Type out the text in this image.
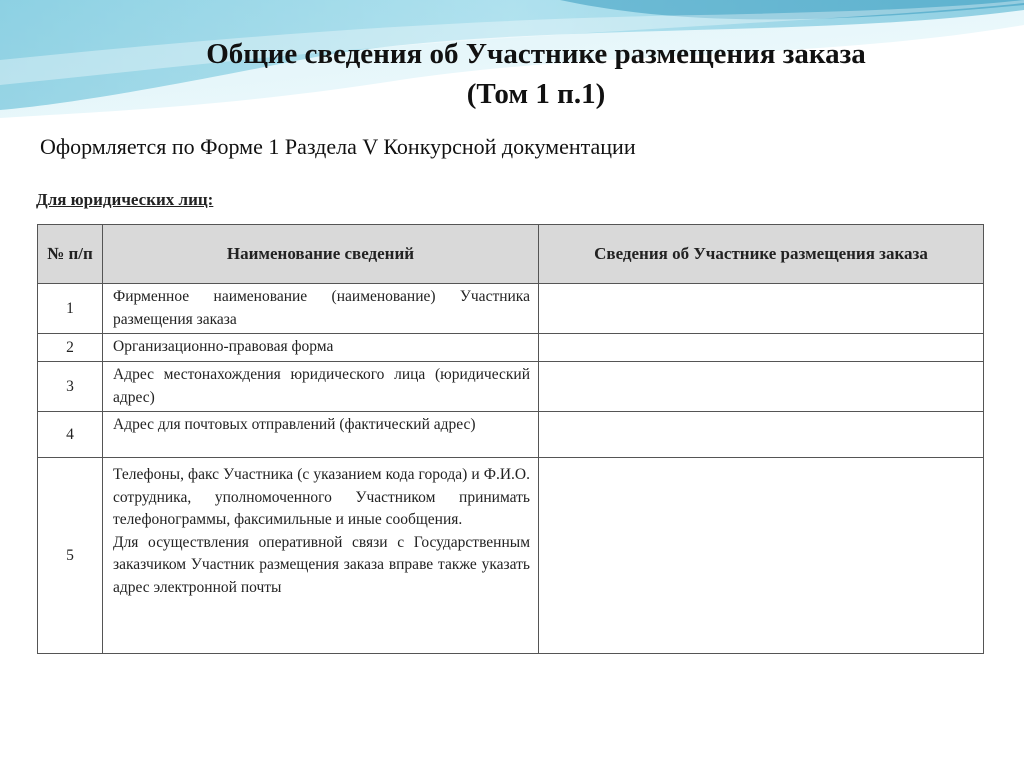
Общие сведения об Участнике размещения заказа
(Том 1 п.1)
Оформляется по Форме 1 Раздела V Конкурсной документации
Для юридических лиц:
№ п/п	Наименование сведений	Сведения об Участнике размещения заказа
1	Фирменное наименование (наименование) Участника размещения заказа	
2	Организационно-правовая форма	
3	Адрес местонахождения юридического лица (юридический адрес)	
4	Адрес для почтовых отправлений (фактический адрес)	
5	Телефоны, факс Участника (с указанием кода города) и Ф.И.О. сотрудника, уполномоченного Участником принимать телефонограммы, факсимильные и иные сообщения.
Для осуществления оперативной связи с Государственным заказчиком Участник размещения заказа вправе также указать адрес электронной почты	
